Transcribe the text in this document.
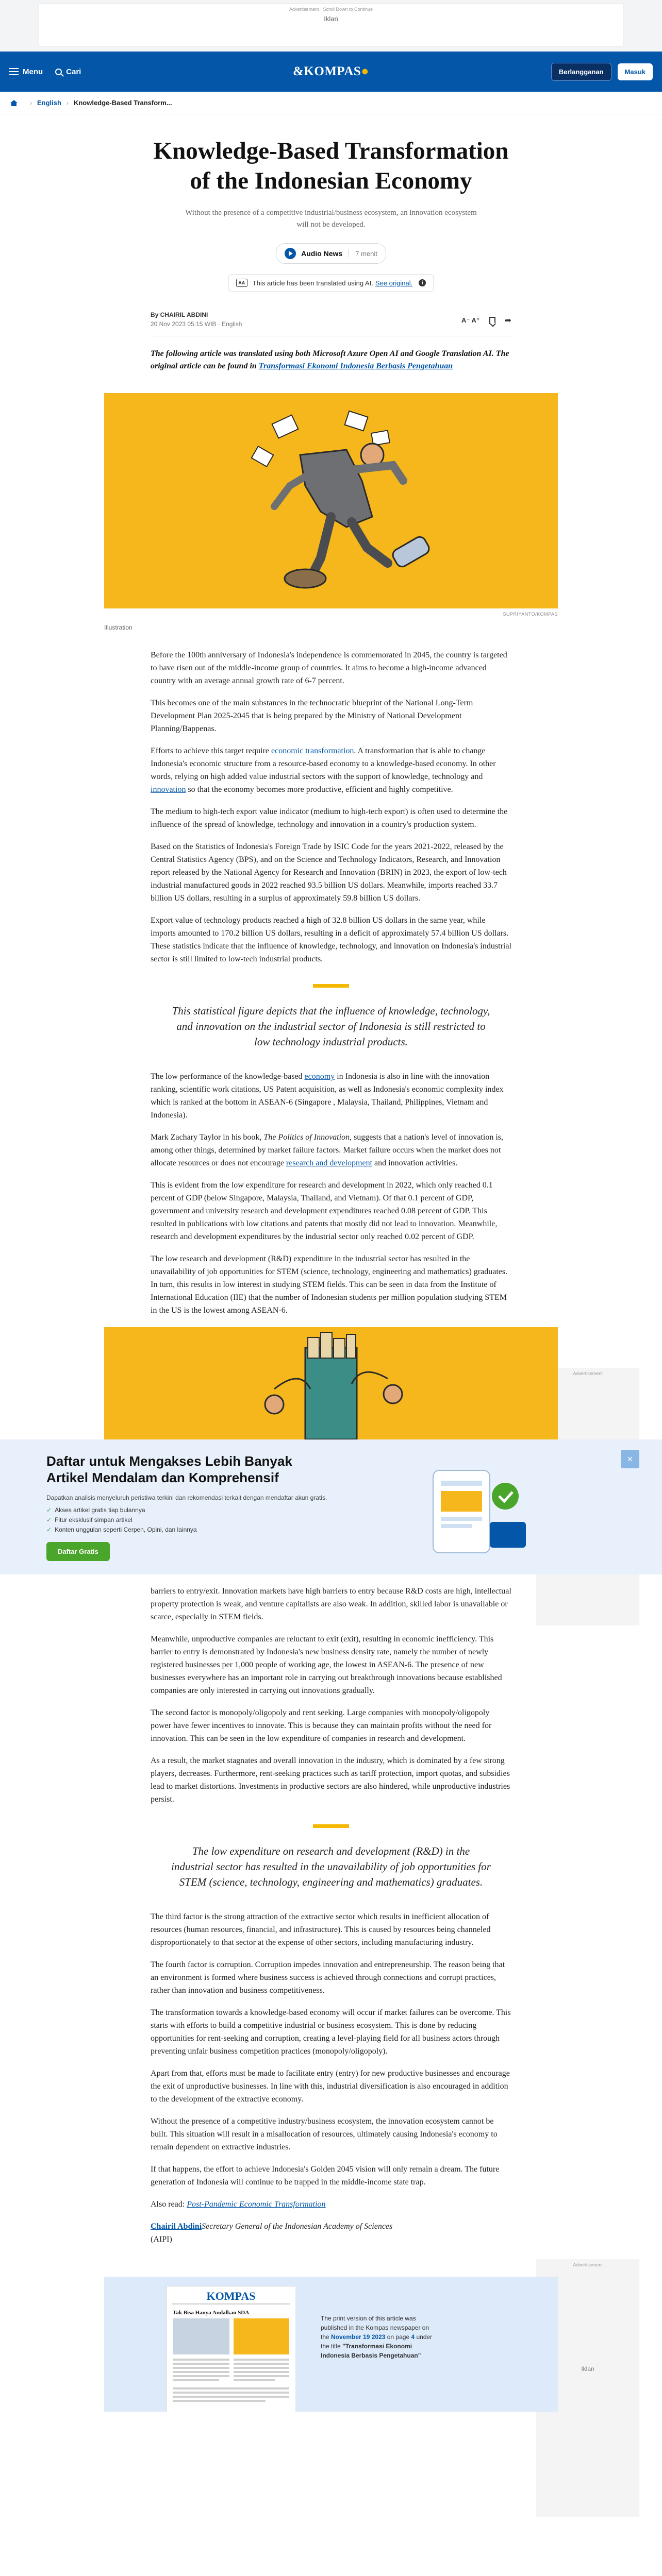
Advertisement · Scroll Down to Continue
Iklan
Menu	Cari	&KOMPAS●	Berlangganan	Masuk
› English › Knowledge-Based Transform...
Knowledge-Based Transformation of the Indonesian Economy

Without the presence of a competitive industrial/business ecosystem, an innovation ecosystem will not be developed.

Audio News 7 menit
AA	This article has been translated using AI. See original.	i
By CHAIRIL ABDINI
20 Nov 2023 05:15 WIB · English	A⁻ A⁺	➦

The following article was translated using both Microsoft Azure Open AI and Google Translation AI. The original article can be found in Transformasi Ekonomi Indonesia Berbasis Pengetahuan

SUPRIYANTO/KOMPAS
Illustration

Before the 100th anniversary of Indonesia's independence is commemorated in 2045, the country is targeted to have risen out of the middle-income group of countries. It aims to become a high-income advanced country with an average annual growth rate of 6-7 percent.

This becomes one of the main substances in the technocratic blueprint of the National Long-Term Development Plan 2025-2045 that is being prepared by the Ministry of National Development Planning/Bappenas.

Efforts to achieve this target require economic transformation. A transformation that is able to change Indonesia's economic structure from a resource-based economy to a knowledge-based economy. In other words, relying on high added value industrial sectors with the support of knowledge, technology and innovation so that the economy becomes more productive, efficient and highly competitive.

The medium to high-tech export value indicator (medium to high-tech export) is often used to determine the influence of the spread of knowledge, technology and innovation in a country's production system.

Based on the Statistics of Indonesia's Foreign Trade by ISIC Code for the years 2021-2022, released by the Central Statistics Agency (BPS), and on the Science and Technology Indicators, Research, and Innovation report released by the National Agency for Research and Innovation (BRIN) in 2023, the export of low-tech industrial manufactured goods in 2022 reached 93.5 billion US dollars. Meanwhile, imports reached 33.7 billion US dollars, resulting in a surplus of approximately 59.8 billion US dollars.

Export value of technology products reached a high of 32.8 billion US dollars in the same year, while imports amounted to 170.2 billion US dollars, resulting in a deficit of approximately 57.4 billion US dollars. These statistics indicate that the influence of knowledge, technology, and innovation on Indonesia's industrial sector is still limited to low-tech industrial products.

This statistical figure depicts that the influence of knowledge, technology, and innovation on the industrial sector of Indonesia is still restricted to low technology industrial products.

Advertisement

The low performance of the knowledge-based economy in Indonesia is also in line with the innovation ranking, scientific work citations, US Patent acquisition, as well as Indonesia's economic complexity index which is ranked at the bottom in ASEAN-6 (Singapore , Malaysia, Thailand, Philippines, Vietnam and Indonesia).

Mark Zachary Taylor in his book, The Politics of Innovation, suggests that a nation's level of innovation is, among other things, determined by market failure factors. Market failure occurs when the market does not allocate resources or does not encourage research and development and innovation activities.

This is evident from the low expenditure for research and development in 2022, which only reached 0.1 percent of GDP (below Singapore, Malaysia, Thailand, and Vietnam). Of that 0.1 percent of GDP, government and university research and development expenditures reached 0.08 percent of GDP. This resulted in publications with low citations and patents that mostly did not lead to innovation. Meanwhile, research and development expenditures by the industrial sector only reached 0.02 percent of GDP.

The low research and development (R&D) expenditure in the industrial sector has resulted in the unavailability of job opportunities for STEM (science, technology, engineering and mathematics) graduates. In turn, this results in low interest in studying STEM fields. This can be seen in data from the Institute of International Education (IIE) that the number of Indonesian students per million population studying STEM in the US is the lowest among ASEAN-6.

Daftar untuk Mengakses Lebih Banyak Artikel Mendalam dan Komprehensif
Dapatkan analisis menyeluruh peristiwa terkini dan rekomendasi terkait dengan mendaftar akun gratis.
✓ Akses artikel gratis tiap bulannya
✓ Fitur eksklusif simpan artikel
✓ Konten unggulan seperti Cerpen, Opini, dan lainnya
Daftar Gratis
×

barriers to entry/exit. Innovation markets have high barriers to entry because R&D costs are high, intellectual property protection is weak, and venture capitalists are also weak. In addition, skilled labor is unavailable or scarce, especially in STEM fields.

Meanwhile, unproductive companies are reluctant to exit (exit), resulting in economic inefficiency. This barrier to entry is demonstrated by Indonesia's new business density rate, namely the number of newly registered businesses per 1,000 people of working age, the lowest in ASEAN-6. The presence of new businesses everywhere has an important role in carrying out breakthrough innovations because established companies are only interested in carrying out innovations gradually.

The second factor is monopoly/oligopoly and rent seeking. Large companies with monopoly/oligopoly power have fewer incentives to innovate. This is because they can maintain profits without the need for innovation. This can be seen in the low expenditure of companies in research and development.

As a result, the market stagnates and overall innovation in the industry, which is dominated by a few strong players, decreases. Furthermore, rent-seeking practices such as tariff protection, import quotas, and subsidies lead to market distortions. Investments in productive sectors are also hindered, while unproductive industries persist.

The low expenditure on research and development (R&D) in the industrial sector has resulted in the unavailability of job opportunities for STEM (science, technology, engineering and mathematics) graduates.

Advertisement
Iklan

The third factor is the strong attraction of the extractive sector which results in inefficient allocation of resources (human resources, financial, and infrastructure). This is caused by resources being channeled disproportionately to that sector at the expense of other sectors, including manufacturing industry.

The fourth factor is corruption. Corruption impedes innovation and entrepreneurship. The reason being that an environment is formed where business success is achieved through connections and corrupt practices, rather than innovation and business competitiveness.

The transformation towards a knowledge-based economy will occur if market failures can be overcome. This starts with efforts to build a competitive industrial or business ecosystem. This is done by reducing opportunities for rent-seeking and corruption, creating a level-playing field for all business actors through preventing unfair business competition practices (monopoly/oligopoly).

Apart from that, efforts must be made to facilitate entry (entry) for new productive businesses and encourage the exit of unproductive businesses. In line with this, industrial diversification is also encouraged in addition to the development of the extractive economy.

Without the presence of a competitive industry/business ecosystem, the innovation ecosystem cannot be built. This situation will result in a misallocation of resources, ultimately causing Indonesia's economy to remain dependent on extractive industries.

If that happens, the effort to achieve Indonesia's Golden 2045 vision will only remain a dream. The future generation of Indonesia will continue to be trapped in the middle-income state trap.

Also read: Post-Pandemic Economic Transformation

Chairil AbdiniSecretary General of the Indonesian Academy of Sciences
(AIPI)

KOMPAS
Tak Bisa Hanya Andalkan SDA
The print version of this article was published in the Kompas newspaper on the November 19 2023 on page 4 under the title "Transformasi Ekonomi Indonesia Berbasis Pengetahuan"
